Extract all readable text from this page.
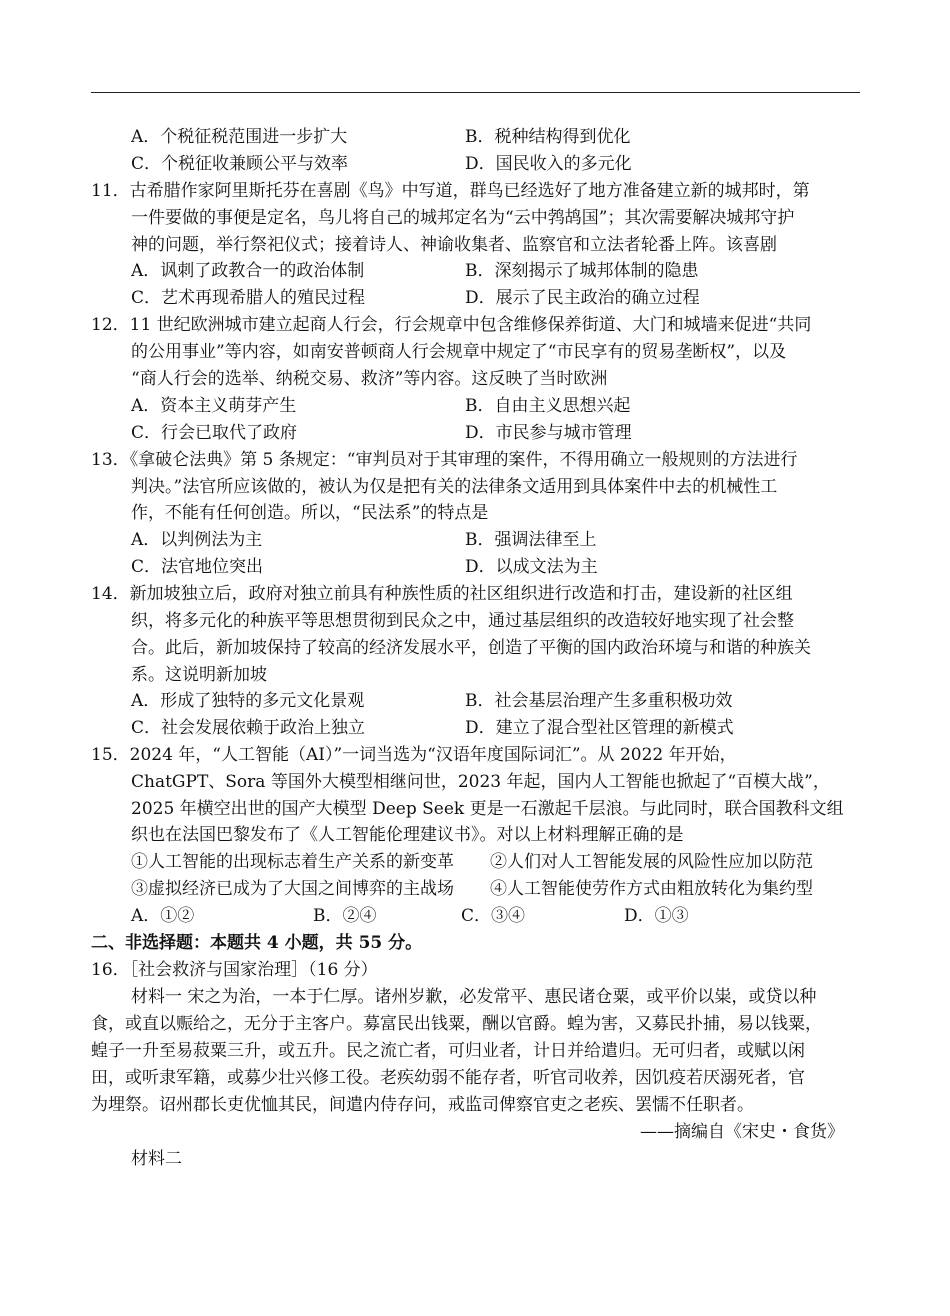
A．个税征税范围进一步扩大	B．税种结构得到优化
C．个税征收兼顾公平与效率	D．国民收入的多元化
11．古希腊作家阿里斯托芬在喜剧《鸟》中写道，群鸟已经选好了地方准备建立新的城邦时，第
一件要做的事便是定名，鸟儿将自己的城邦定名为“云中鹁鸪国”；其次需要解决城邦守护
神的问题，举行祭祀仪式；接着诗人、神谕收集者、监察官和立法者轮番上阵。该喜剧
A．讽刺了政教合一的政治体制	B．深刻揭示了城邦体制的隐患
C．艺术再现希腊人的殖民过程	D．展示了民主政治的确立过程
12．11 世纪欧洲城市建立起商人行会，行会规章中包含维修保养街道、大门和城墙来促进“共同
的公用事业”等内容，如南安普顿商人行会规章中规定了“市民享有的贸易垄断权”，以及
“商人行会的选举、纳税交易、救济”等内容。这反映了当时欧洲
A．资本主义萌芽产生	B．自由主义思想兴起
C．行会已取代了政府	D．市民参与城市管理
13．《拿破仑法典》第 5 条规定：“审判员对于其审理的案件，不得用确立一般规则的方法进行
判决。”法官所应该做的，被认为仅是把有关的法律条文适用到具体案件中去的机械性工
作，不能有任何创造。所以，“民法系”的特点是
A．以判例法为主	B．强调法律至上
C．法官地位突出	D．以成文法为主
14．新加坡独立后，政府对独立前具有种族性质的社区组织进行改造和打击，建设新的社区组
织，将多元化的种族平等思想贯彻到民众之中，通过基层组织的改造较好地实现了社会整
合。此后，新加坡保持了较高的经济发展水平，创造了平衡的国内政治环境与和谐的种族关
系。这说明新加坡
A．形成了独特的多元文化景观	B．社会基层治理产生多重积极功效
C．社会发展依赖于政治上独立	D．建立了混合型社区管理的新模式
15．2024 年，“人工智能（AI）”一词当选为“汉语年度国际词汇”。从 2022 年开始，
ChatGPT、Sora 等国外大模型相继问世，2023 年起，国内人工智能也掀起了“百模大战”，
2025 年横空出世的国产大模型 Deep Seek 更是一石激起千层浪。与此同时，联合国教科文组
织也在法国巴黎发布了《人工智能伦理建议书》。对以上材料理解正确的是
①人工智能的出现标志着生产关系的新变革 ②人们对人工智能发展的风险性应加以防范
③虚拟经济已成为了大国之间博弈的主战场 ④人工智能使劳作方式由粗放转化为集约型
A．①②	B．②④	C．③④	D．①③
二、非选择题：本题共 4 小题，共 55 分。
16．［社会救济与国家治理］（16 分）
材料一 宋之为治，一本于仁厚。诸州岁歉，必发常平、惠民诸仓粟，或平价以粜，或贷以种
食，或直以赈给之，无分于主客户。募富民出钱粟，酬以官爵。蝗为害，又募民扑捕，易以钱粟，
蝗子一升至易菽粟三升，或五升。民之流亡者，可归业者，计日并给遣归。无可归者，或赋以闲
田，或听隶军籍，或募少壮兴修工役。老疾幼弱不能存者，听官司收养，因饥疫若厌溺死者，官
为埋祭。诏州郡长吏优恤其民，间遣内侍存问，戒监司俾察官吏之老疾、罢懦不任职者。
——摘编自《宋史・食货》
材料二
